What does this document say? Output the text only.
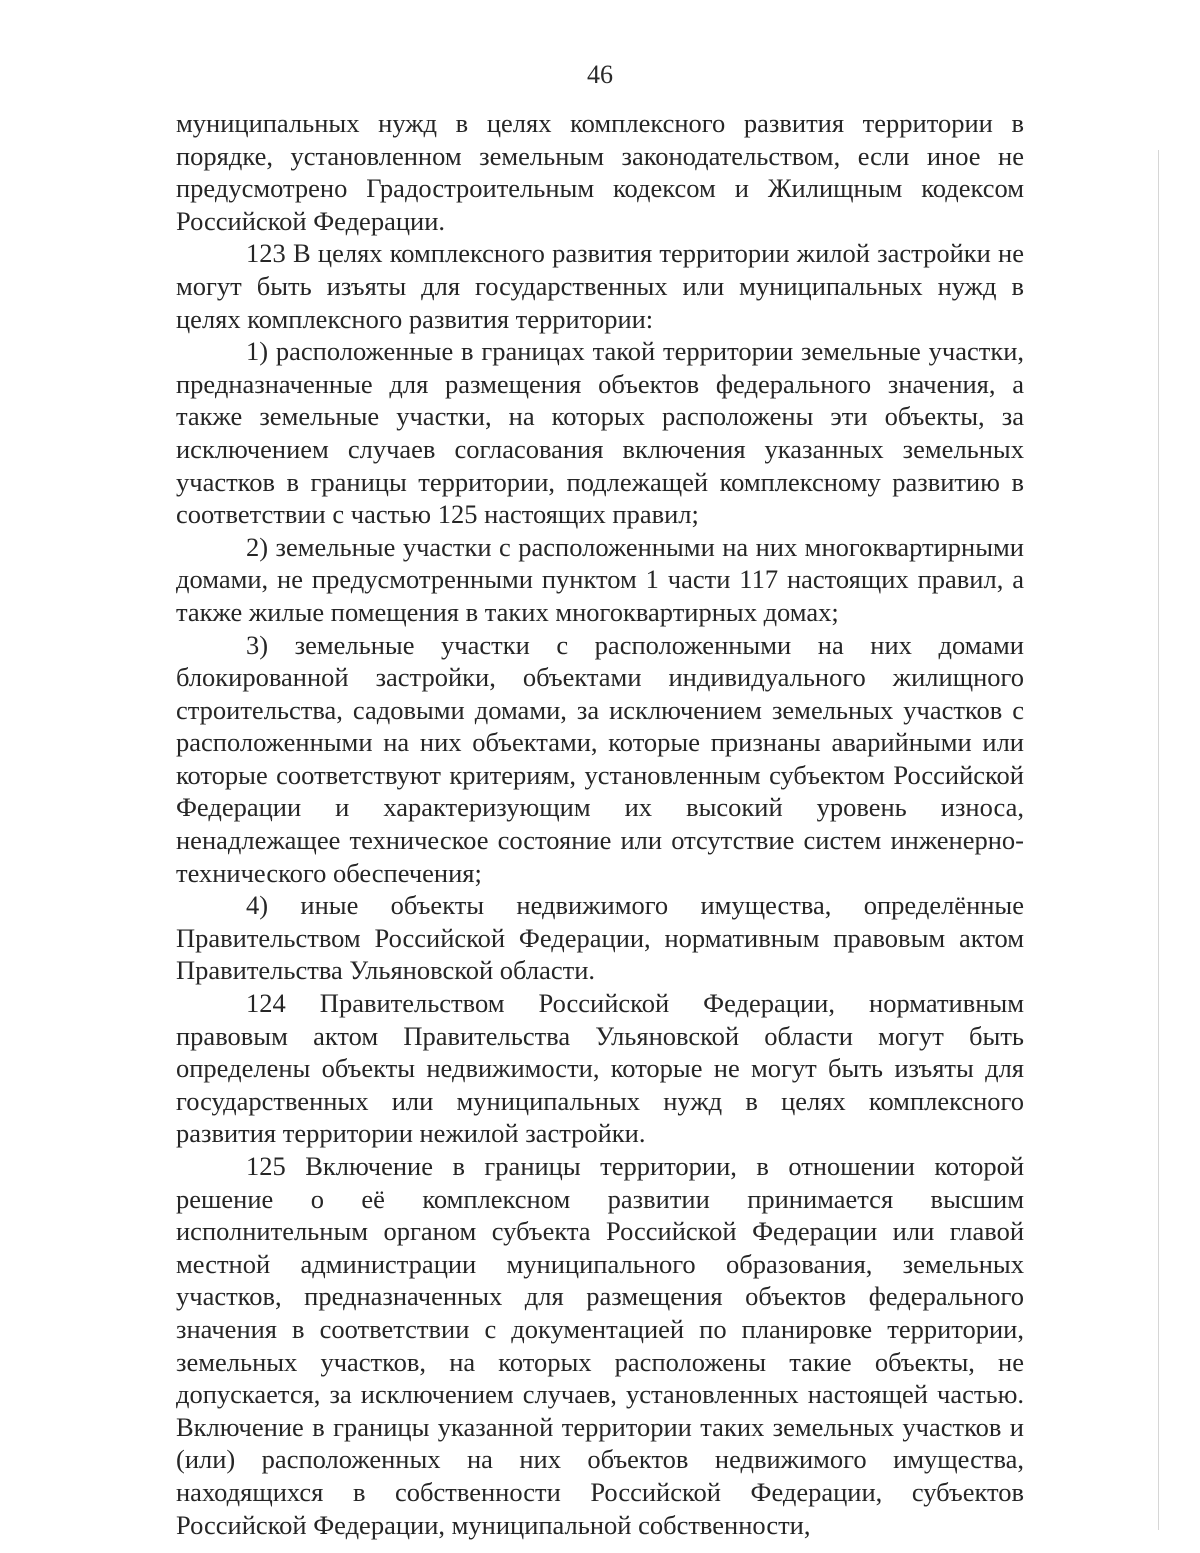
46

муниципальных нужд в целях комплексного развития территории в порядке, установленном земельным законодательством, если иное не предусмотрено Градостроительным кодексом и Жилищным кодексом Российской Федерации.

123 В целях комплексного развития территории жилой застройки не могут быть изъяты для государственных или муниципальных нужд в целях комплексного развития территории:

1) расположенные в границах такой территории земельные участки, предназначенные для размещения объектов федерального значения, а также земельные участки, на которых расположены эти объекты, за исключением случаев согласования включения указанных земельных участков в границы территории, подлежащей комплексному развитию в соответствии с частью 125 настоящих правил;

2) земельные участки с расположенными на них многоквартирными домами, не предусмотренными пунктом 1 части 117 настоящих правил, а также жилые помещения в таких многоквартирных домах;

3) земельные участки с расположенными на них домами блокированной застройки, объектами индивидуального жилищного строительства, садовыми домами, за исключением земельных участков с расположенными на них объектами, которые признаны аварийными или которые соответствуют критериям, установленным субъектом Российской Федерации и характеризующим их высокий уровень износа, ненадлежащее техническое состояние или отсутствие систем инженерно-технического обеспечения;

4) иные объекты недвижимого имущества, определённые Правительством Российской Федерации, нормативным правовым актом Правительства Ульяновской области.

124 Правительством Российской Федерации, нормативным правовым актом Правительства Ульяновской области могут быть определены объекты недвижимости, которые не могут быть изъяты для государственных или муниципальных нужд в целях комплексного развития территории нежилой застройки.

125 Включение в границы территории, в отношении которой решение о её комплексном развитии принимается высшим исполнительным органом субъекта Российской Федерации или главой местной администрации муниципального образования, земельных участков, предназначенных для размещения объектов федерального значения в соответствии с документацией по планировке территории, земельных участков, на которых расположены такие объекты, не допускается, за исключением случаев, установленных настоящей частью. Включение в границы указанной территории таких земельных участков и (или) расположенных на них объектов недвижимого имущества, находящихся в собственности Российской Федерации, субъектов Российской Федерации, муниципальной собственности,
